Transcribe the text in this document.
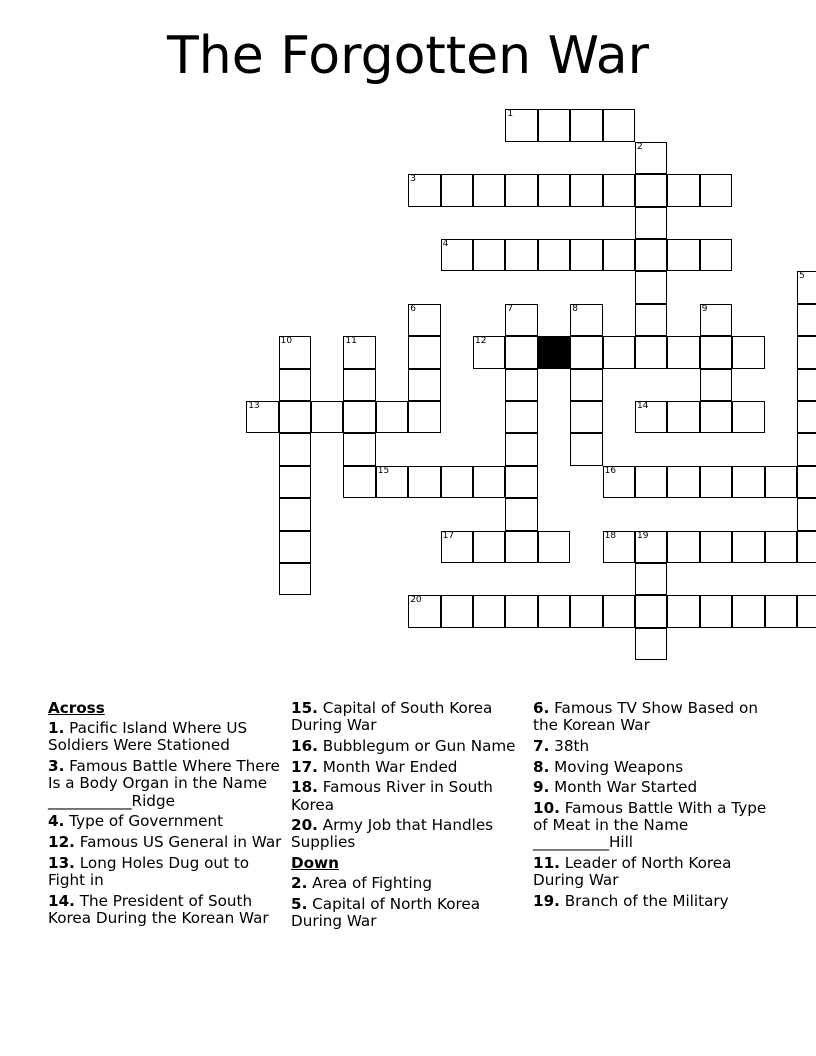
The Forgotten War
1
2
3
4
5
6	7	8	9
10	11	12
13	14
15	16
17	18 19
20
Across
1. Pacific Island Where US Soldiers Were Stationed
3. Famous Battle Where There Is a Body Organ in the Name ___________Ridge
4. Type of Government
12. Famous US General in War
13. Long Holes Dug out to Fight in
14. The President of South Korea During the Korean War
15. Capital of South Korea During War
16. Bubblegum or Gun Name
17. Month War Ended
18. Famous River in South Korea
20. Army Job that Handles Supplies
Down
2. Area of Fighting
5. Capital of North Korea During War
6. Famous TV Show Based on the Korean War
7. 38th
8. Moving Weapons
9. Month War Started
10. Famous Battle With a Type of Meat in the Name __________Hill
11. Leader of North Korea During War
19. Branch of the Military
